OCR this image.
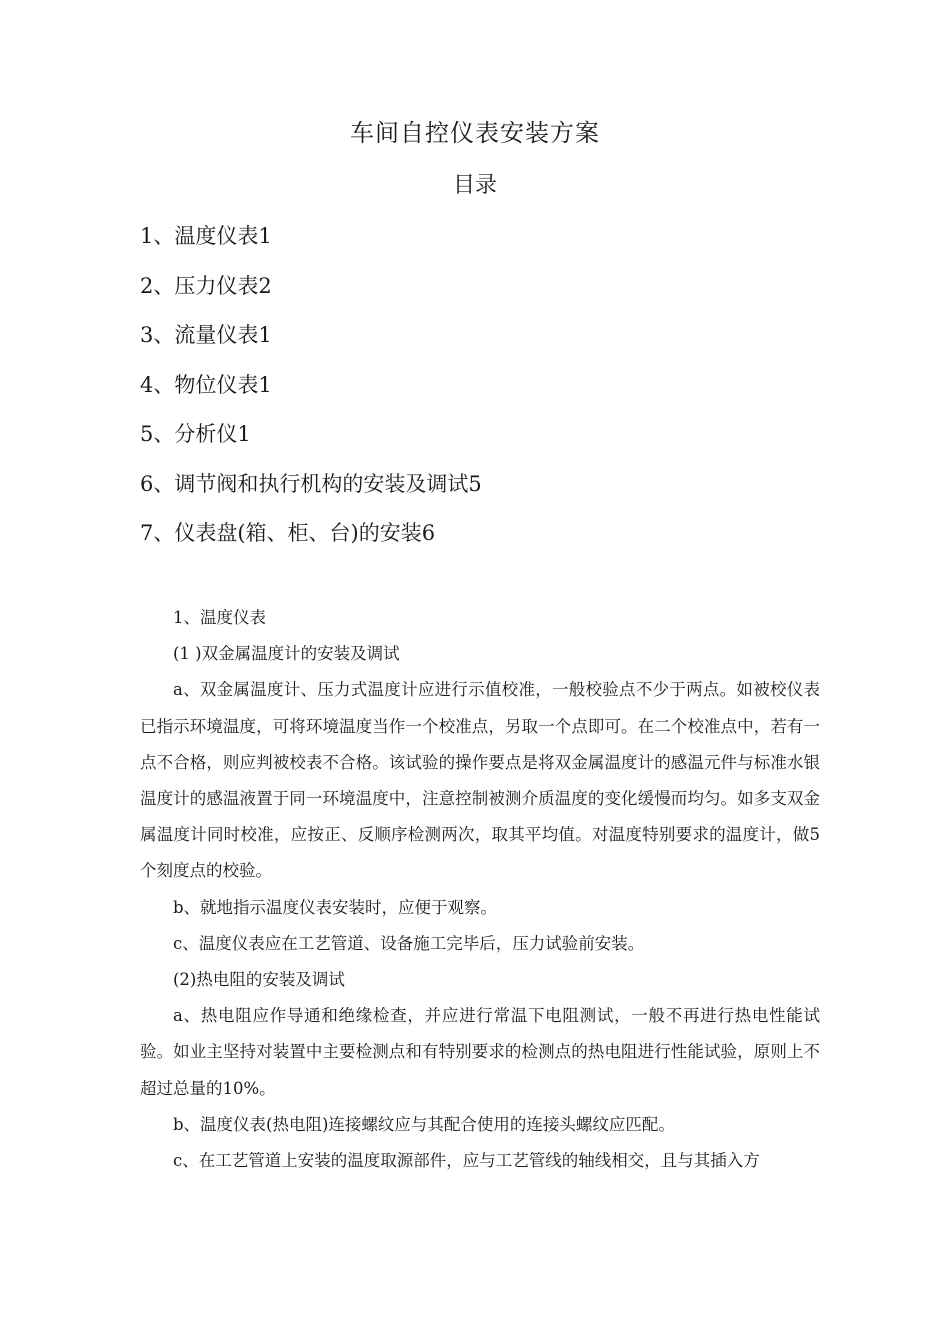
车间自控仪表安装方案
目录
1、温度仪表1
2、压力仪表2
3、流量仪表1
4、物位仪表1
5、分析仪1
6、调节阀和执行机构的安装及调试5
7、仪表盘(箱、柜、台)的安装6

1、温度仪表

(1 )双金属温度计的安装及调试

a、双金属温度计、压力式温度计应进行示值校准，一般校验点不少于两点。如被校仪表已指示环境温度，可将环境温度当作一个校准点，另取一个点即可。在二个校准点中，若有一点不合格，则应判被校表不合格。该试验的操作要点是将双金属温度计的感温元件与标准水银温度计的感温液置于同一环境温度中，注意控制被测介质温度的变化缓慢而均匀。如多支双金属温度计同时校准，应按正、反顺序检测两次，取其平均值。对温度特别要求的温度计，做5个刻度点的校验。

b、就地指示温度仪表安装时，应便于观察。

c、温度仪表应在工艺管道、设备施工完毕后，压力试验前安装。

(2)热电阻的安装及调试

a、热电阻应作导通和绝缘检查，并应进行常温下电阻测试，一般不再进行热电性能试验。如业主坚持对装置中主要检测点和有特别要求的检测点的热电阻进行性能试验，原则上不超过总量的10%。

b、温度仪表(热电阻)连接螺纹应与其配合使用的连接头螺纹应匹配。

c、在工艺管道上安装的温度取源部件，应与工艺管线的轴线相交，且与其插入方
